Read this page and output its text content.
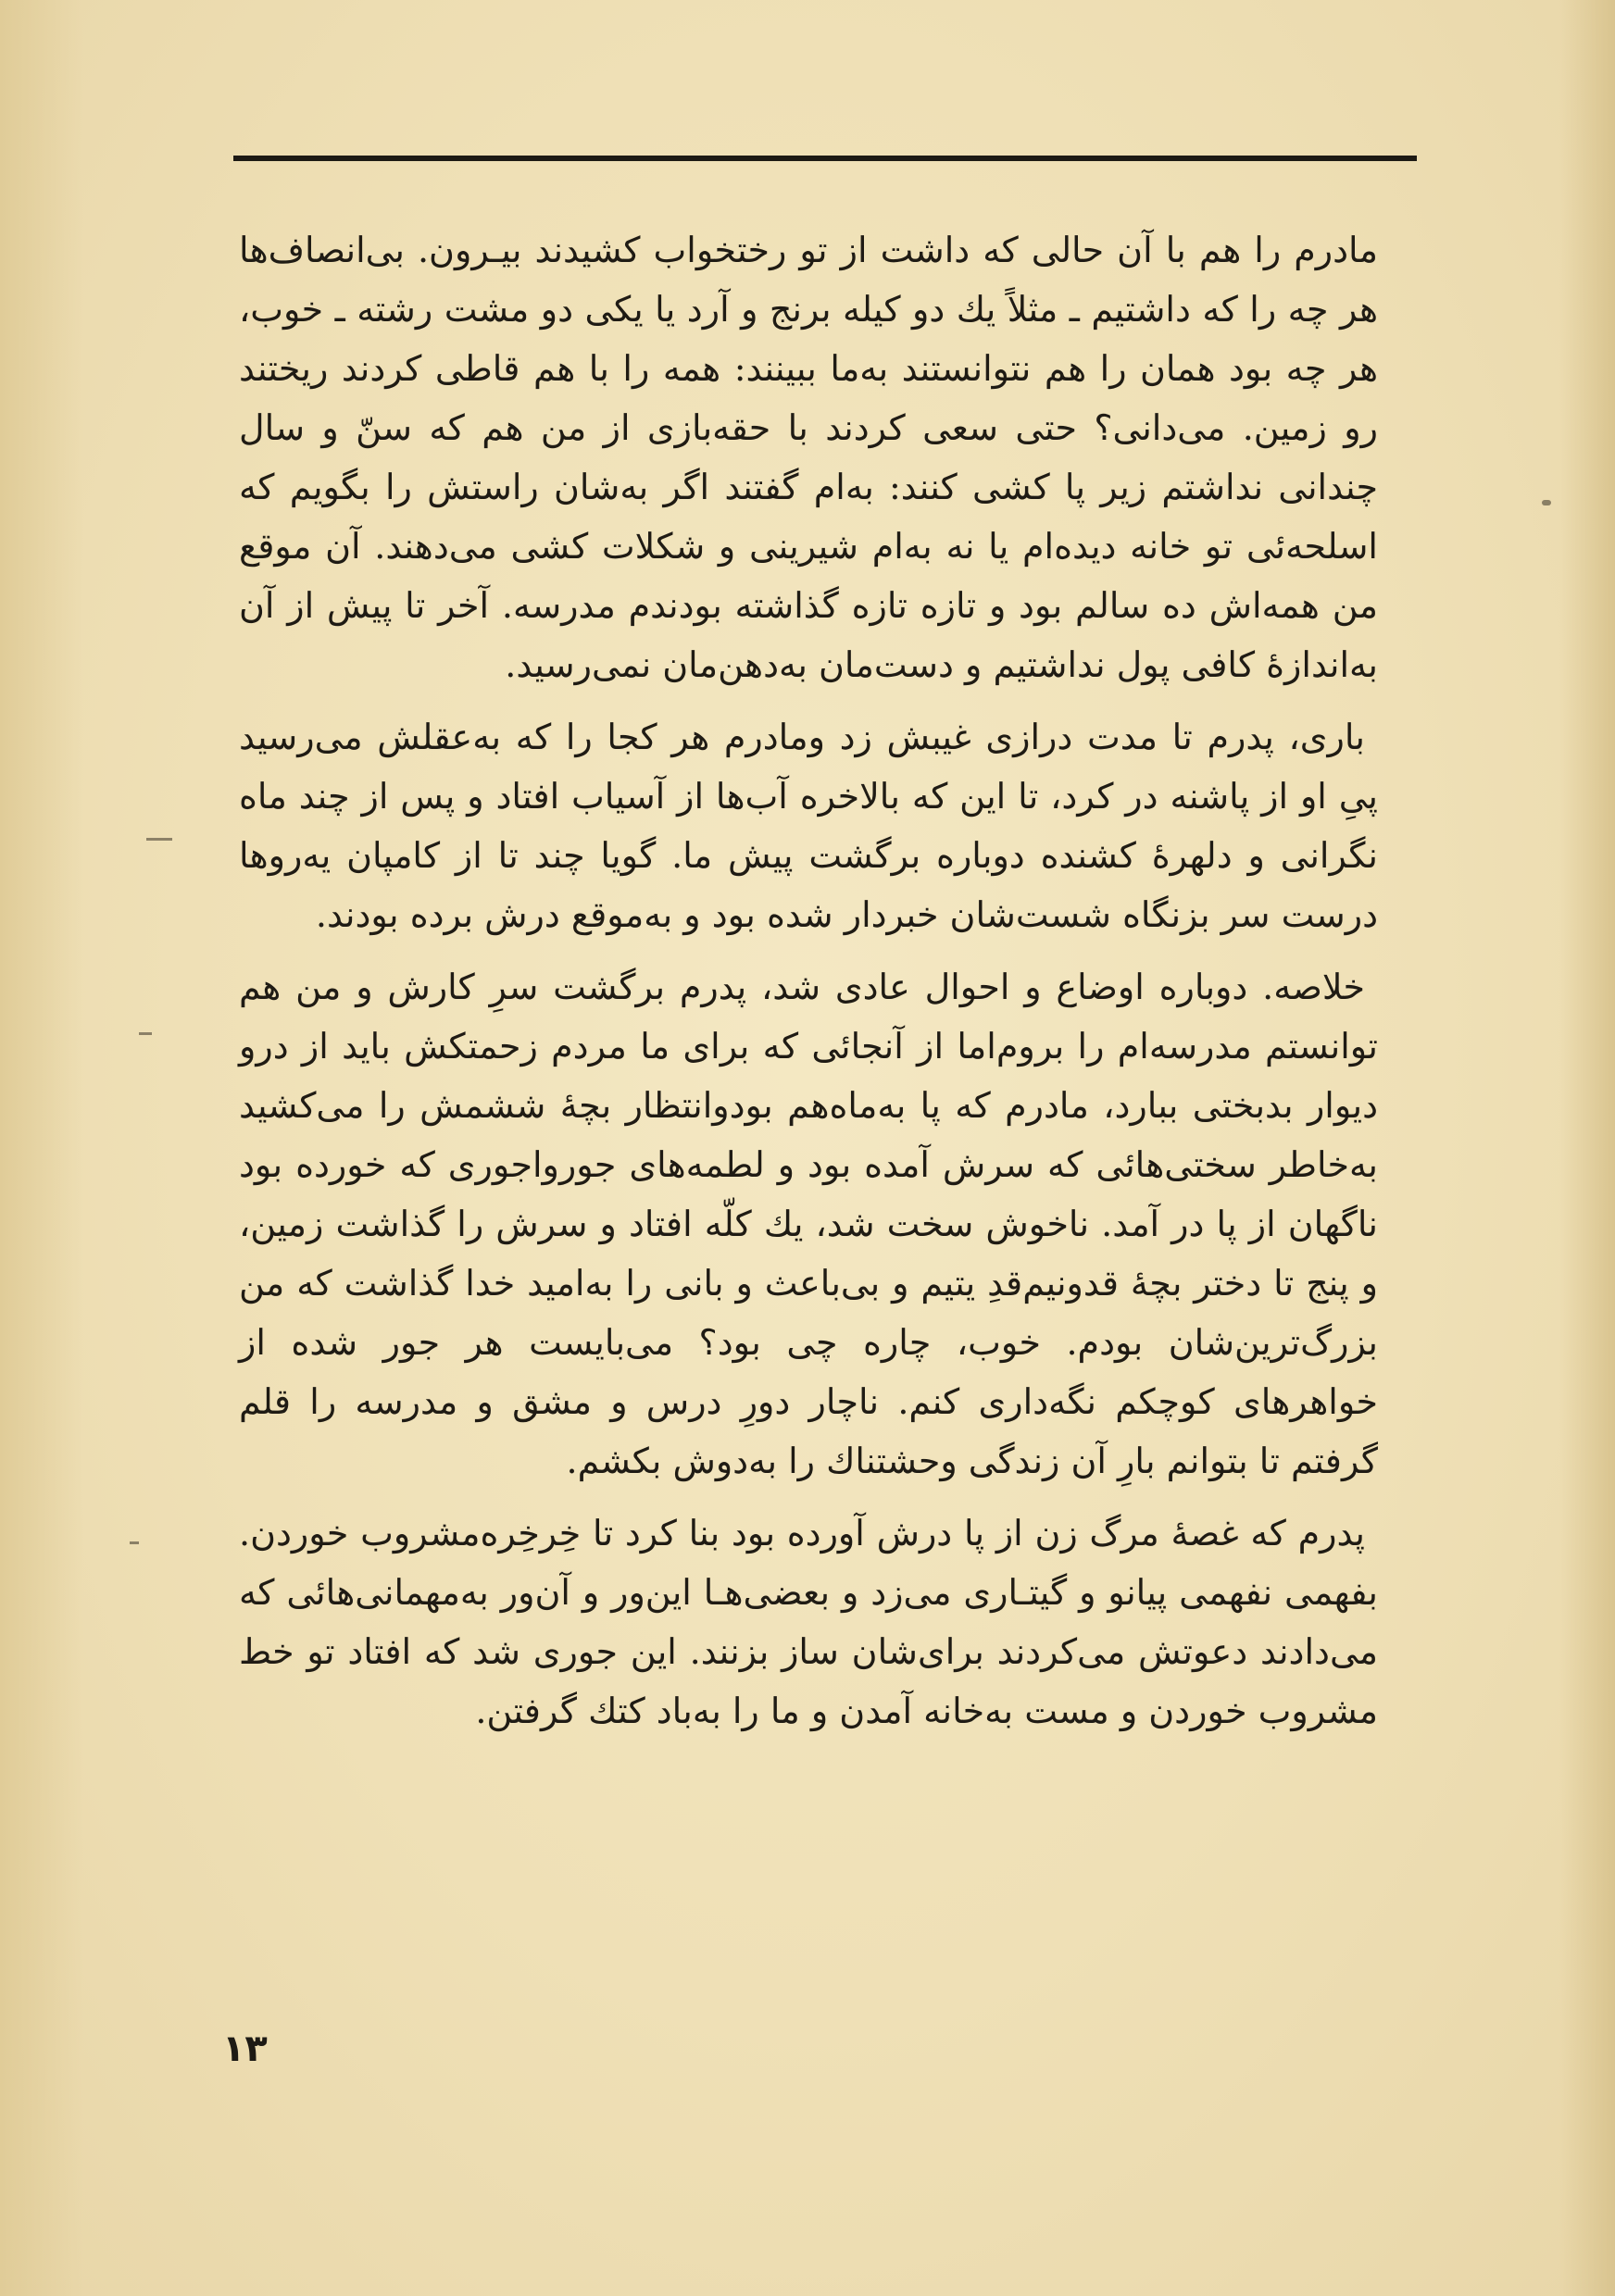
مادرم را هم با آن حالی که داشت از تو رختخواب کشیدند بیـرون. بی‌انصاف‌ها هر چه را که داشتیم ـ مثلاً یك دو کیله برنج و آرد یا یکی دو مشت رشته ـ خوب، هر چه بود همان را هم نتوانستند به‌ما ببینند: همه را با هم قاطی کردند ریختند رو زمین. می‌دانی؟ حتی سعی کردند با حقه‌بازی از من هم که سنّ و سال چندانی نداشتم زیر پا کشی کنند: به‌ام گفتند اگر به‌شان راستش را بگویم که اسلحه‌ئی تو خانه دیده‌ام یا نه به‌ام شیرینی و شکلات کشی می‌دهند. آن موقع من همه‌اش ده سالم بود و تازه تازه گذاشته بودندم مدرسه. آخر تا پیش از آن به‌اندازهٔ کافی پول نداشتیم و دست‌مان به‌دهن‌مان نمی‌رسید.

باری، پدرم تا مدت درازی غیبش زد ومادرم هر کجا را که به‌عقلش می‌رسید پیِ او از پاشنه در کرد، تا این که بالاخره آب‌ها از آسیاب افتاد و پس از چند ماه نگرانی و دلهرهٔ کشنده دوباره برگشت پیش ما. گویا چند تا از کامپان یه‌روها درست سر بزنگاه شست‌شان خبردار شده بود و به‌موقع درش برده بودند.

خلاصه. دوباره اوضاع و احوال عادی شد، پدرم برگشت سرِ کارش و من هم توانستم مدرسه‌ام را بروم‌اما از آنجائی که برای ما مردم زحمتکش باید از درو دیوار بدبختی ببارد، مادرم که پا به‌ماه‌هم بودو‌انتظار بچهٔ ششمش را می‌کشید به‌خاطر سختی‌هائی که سرش آمده بود و لطمه‌های جورواجوری که خورده بود ناگهان از پا در آمد. ناخوش سخت شد، یك کلّه افتاد و سرش را گذاشت زمین، و پنج تا دختر بچهٔ قدونیم‌قدِ یتیم و بی‌باعث و بانی را به‌امید خدا گذاشت که من بزرگ‌ترین‌شان بودم. خوب، چاره چی بود؟ می‌بایست هر جور شده از خواهرهای کوچکم نگه‌داری کنم. ناچار دورِ درس و مشق و مدرسه را قلم گرفتم تا بتوانم بارِ آن زندگی وحشتناك را به‌دوش بکشم.

پدرم که غصهٔ مرگ زن از پا درش آورده بود بنا کرد تا خِرخِره‌مشروب خوردن. بفهمی نفهمی پیانو و گیتـاری می‌زد و بعضی‌هـا این‌ور و آن‌ور به‌مهمانی‌هائی که می‌دادند دعوتش می‌کردند برای‌شان ساز بزنند. این جوری شد که افتاد تو خط مشروب خوردن و مست به‌خانه آمدن و ما را به‌باد کتك گرفتن.

۱۳
